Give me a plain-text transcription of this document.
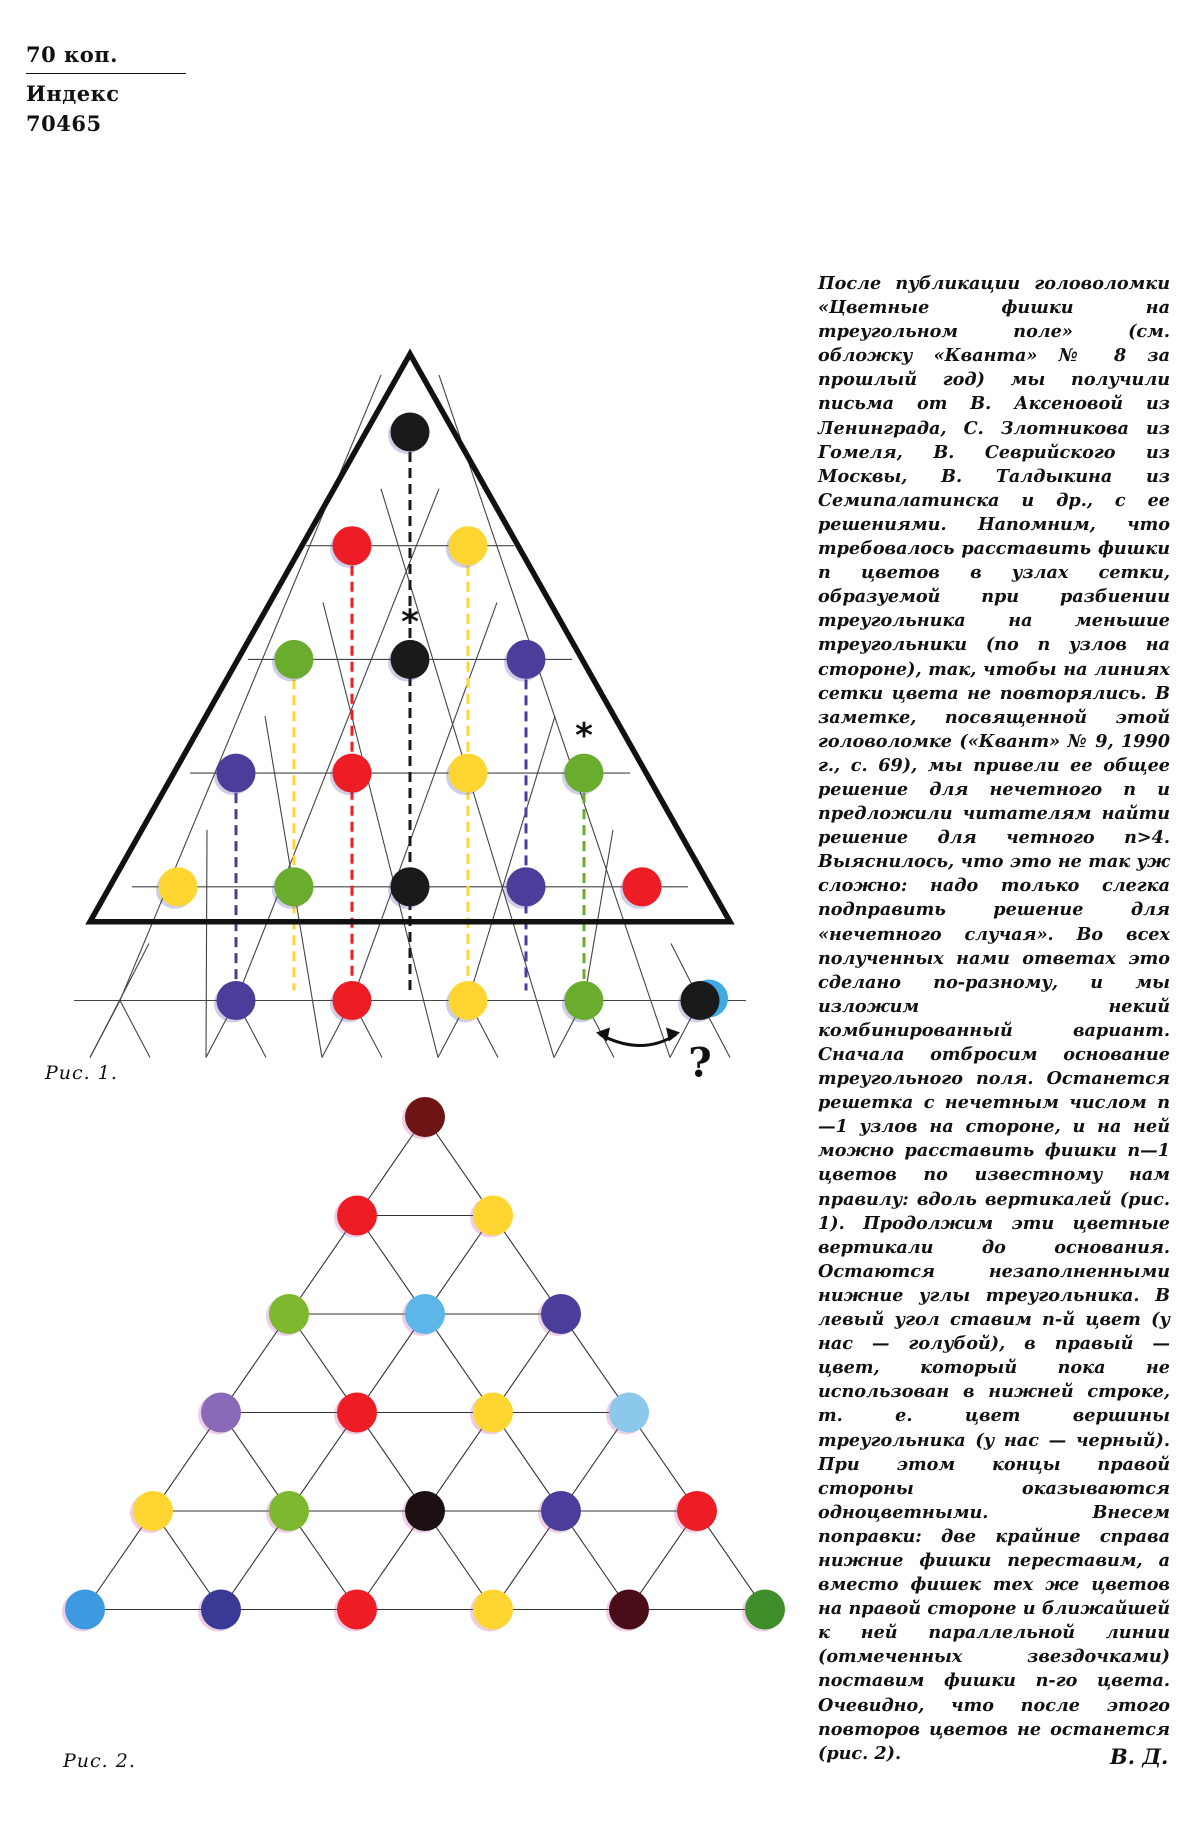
70 коп.
Индекс 70465
*
*
?
Рис. 1.
Рис. 2.

После публикации головоломки «Цветные фишки на треугольном поле» (см. обложку «Кванта» № 8 за прошлый год) мы получили письма от В. Аксеновой из Ленинграда, С. Злотникова из Гомеля, В. Севрийского из Москвы, В. Талдыкина из Семипалатинска и др., с ее решениями. Напомним, что требовалось расставить фишки n цветов в узлах сетки, образуемой при разбиении треугольника на меньшие треугольники (по n узлов на стороне), так, чтобы на линиях сетки цвета не повторялись. В заметке, посвященной этой головоломке («Квант» № 9, 1990 г., с. 69), мы привели ее общее решение для нечетного n и предложили читателям найти решение для четного n>4. Выяснилось, что это не так уж сложно: надо только слегка подправить решение для «нечетного случая». Во всех полученных нами ответах это сделано по-разному, и мы изложим некий комбинированный вариант. Сначала отбросим основание треугольного поля. Останется решетка с нечетным числом n—1 узлов на стороне, и на ней можно расставить фишки n—1 цветов по известному нам правилу: вдоль вертикалей (рис. 1). Продолжим эти цветные вертикали до основания. Остаются незаполненными нижние углы треугольника. В левый угол ставим n-й цвет (у нас — голубой), в правый — цвет, который пока не использован в нижней строке, т. е. цвет вершины треугольника (у нас — черный). При этом концы правой стороны оказываются одноцветными. Внесем поправки: две крайние справа нижние фишки переставим, а вместо фишек тех же цветов на правой стороне и ближайшей к ней параллельной линии (отмеченных звездочками) поставим фишки n-го цвета. Очевидно, что после этого повторов цветов не останется (рис. 2).	В. Д.
